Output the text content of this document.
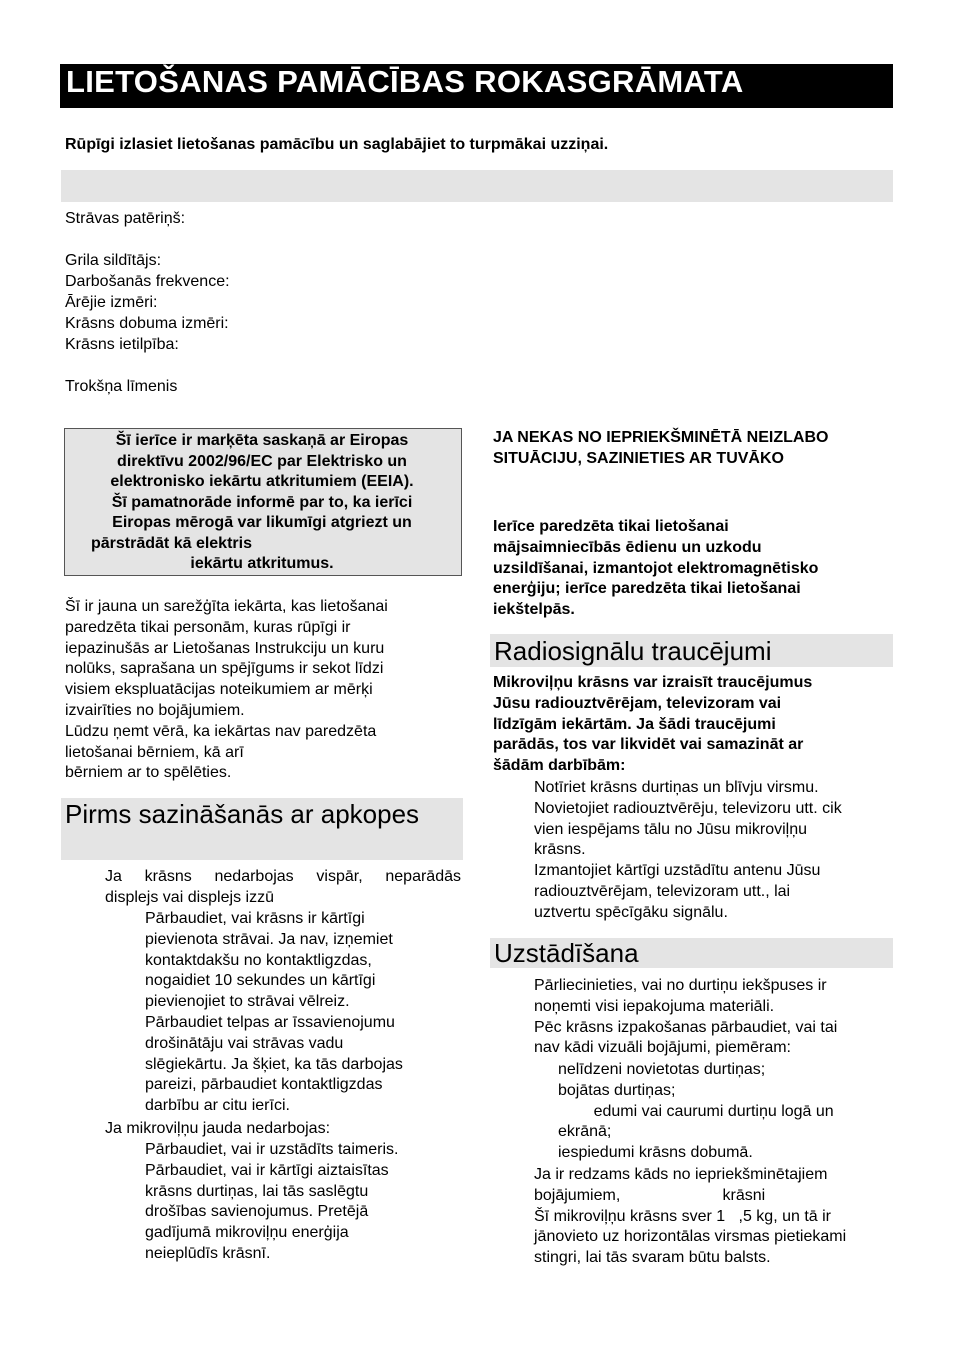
LIETOŠANAS PAMĀCĪBAS ROKASGRĀMATA
Rūpīgi izlasiet lietošanas pamācību un saglabājiet to turpmākai uzziņai.
Strāvas patēriņš:
Grila sildītājs:
Darbošanās frekvence:
Ārējie izmēri:
Krāsns dobuma izmēri:
Krāsns ietilpība:
Trokšņa līmenis
Šī ierīce ir marķēta saskaņā ar Eiropas
direktīvu 2002/96/EC par Elektrisko un
elektronisko iekārtu atkritumiem (EEIA).
Šī pamatnorāde informē par to, ka ierīci
Eiropas mērogā var likumīgi atgriezt un
pārstrādāt kā elektris
iekārtu atkritumus.
JA NEKAS NO IEPRIEKŠMINĒTĀ NEIZLABO
SITUĀCIJU, SAZINIETIES AR TUVĀKO
Ierīce paredzēta tikai lietošanai
mājsaimniecībās ēdienu un uzkodu
uzsildīšanai, izmantojot elektromagnētisko
enerģiju; ierīce paredzēta tikai lietošanai
iekštelpās.
Šī ir jauna un sarežģīta iekārta, kas lietošanai
paredzēta tikai personām, kuras rūpīgi ir
iepazinušās ar Lietošanas Instrukciju un kuru
nolūks, saprašana un spējīgums ir sekot līdzi
visiem ekspluatācijas noteikumiem ar mērķi
izvairīties no bojājumiem.
Lūdzu ņemt vērā, ka iekārtas nav paredzēta
lietošanai bērniem, kā arī
bērniem ar to spēlēties.
Pirms sazināšanās ar apkopes
Ja krāsns nedarbojas vispār, neparādās
displejs vai displejs izzū
Pārbaudiet, vai krāsns ir kārtīgi
pievienota strāvai. Ja nav, izņemiet
kontaktdakšu no kontaktligzdas,
nogaidiet 10 sekundes un kārtīgi
pievienojiet to strāvai vēlreiz.
Pārbaudiet telpas ar īssavienojumu
drošinātāju vai strāvas vadu
slēgiekārtu. Ja šķiet, ka tās darbojas
pareizi, pārbaudiet kontaktligzdas
darbību ar citu ierīci.
Ja mikroviļņu jauda nedarbojas:
Pārbaudiet, vai ir uzstādīts taimeris.
Pārbaudiet, vai ir kārtīgi aiztaisītas
krāsns durtiņas, lai tās saslēgtu
drošības savienojumus. Pretējā
gadījumā mikroviļņu enerģija
neieplūdīs krāsnī.
Radiosignālu traucējumi
Mikroviļņu krāsns var izraisīt traucējumus
Jūsu radiouztvērējam, televizoram vai
līdzīgām iekārtām. Ja šādi traucējumi
parādās, tos var likvidēt vai samazināt ar
šādām darbībām:
Notīriet krāsns durtiņas un blīvju virsmu.
Novietojiet radiouztvērēju, televizoru utt. cik
vien iespējams tālu no Jūsu mikroviļņu
krāsns.
Izmantojiet kārtīgi uzstādītu antenu Jūsu
radiouztvērējam, televizoram utt., lai
uztvertu spēcīgāku signālu.
Uzstādīšana
Pārliecinieties, vai no durtiņu iekšpuses ir
noņemti visi iepakojuma materiāli.
Pēc krāsns izpakošanas pārbaudiet, vai tai
nav kādi vizuāli bojājumi, piemēram:
nelīdzeni novietotas durtiņas;
bojātas durtiņas;
edumi vai caurumi durtiņu logā un
ekrānā;
iespiedumi krāsns dobumā.
Ja ir redzams kāds no iepriekšminētajiem
bojājumiem,                       krāsni
Šī mikroviļņu krāsns sver 1   ,5 kg, un tā ir
jānovieto uz horizontālas virsmas pietiekami
stingri, lai tās svaram būtu balsts.
